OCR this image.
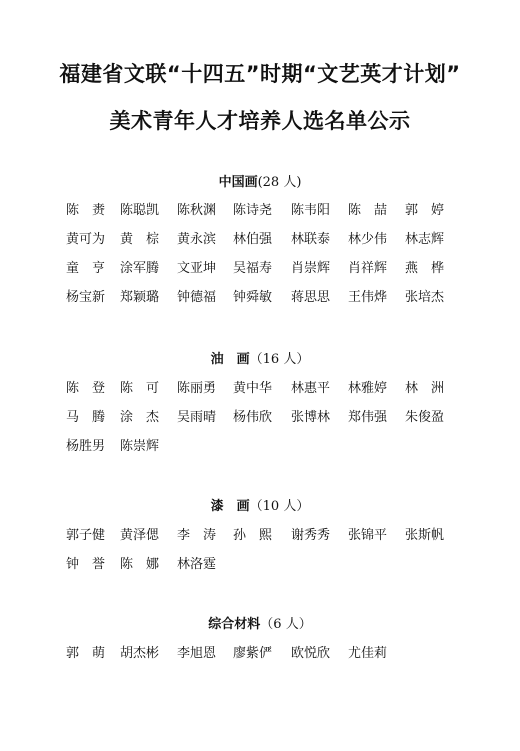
福建省文联“十四五”时期“文艺英才计划”
美术青年人才培养人选名单公示
中国画(28 人)
陈　赉 陈聪凯 陈秋渊 陈诗尧 陈韦阳 陈　喆 郭　婷
黄可为 黄　棕 黄永滨 林伯强 林联泰 林少伟 林志辉
童　亨 涂军腾 文亚坤 吴福寿 肖崇辉 肖祥辉 燕　桦
杨宝新 郑颖璐 钟德福 钟舜敏 蒋思思 王伟烨 张培杰
油　画（16 人）
陈　登 陈　可 陈丽勇 黄中华 林惠平 林雅婷 林　洲
马　腾 涂　杰 吴雨晴 杨伟欣 张博林 郑伟强 朱俊盈
杨胜男 陈崇辉
漆　画（10 人）
郭子健 黄泽偲 李　涛 孙　熙 谢秀秀 张锦平 张斯帆
钟　誉 陈　娜 林洛霆
综合材料（6 人）
郭　萌 胡杰彬 李旭恩 廖紫俨 欧悦欣 尤佳莉
